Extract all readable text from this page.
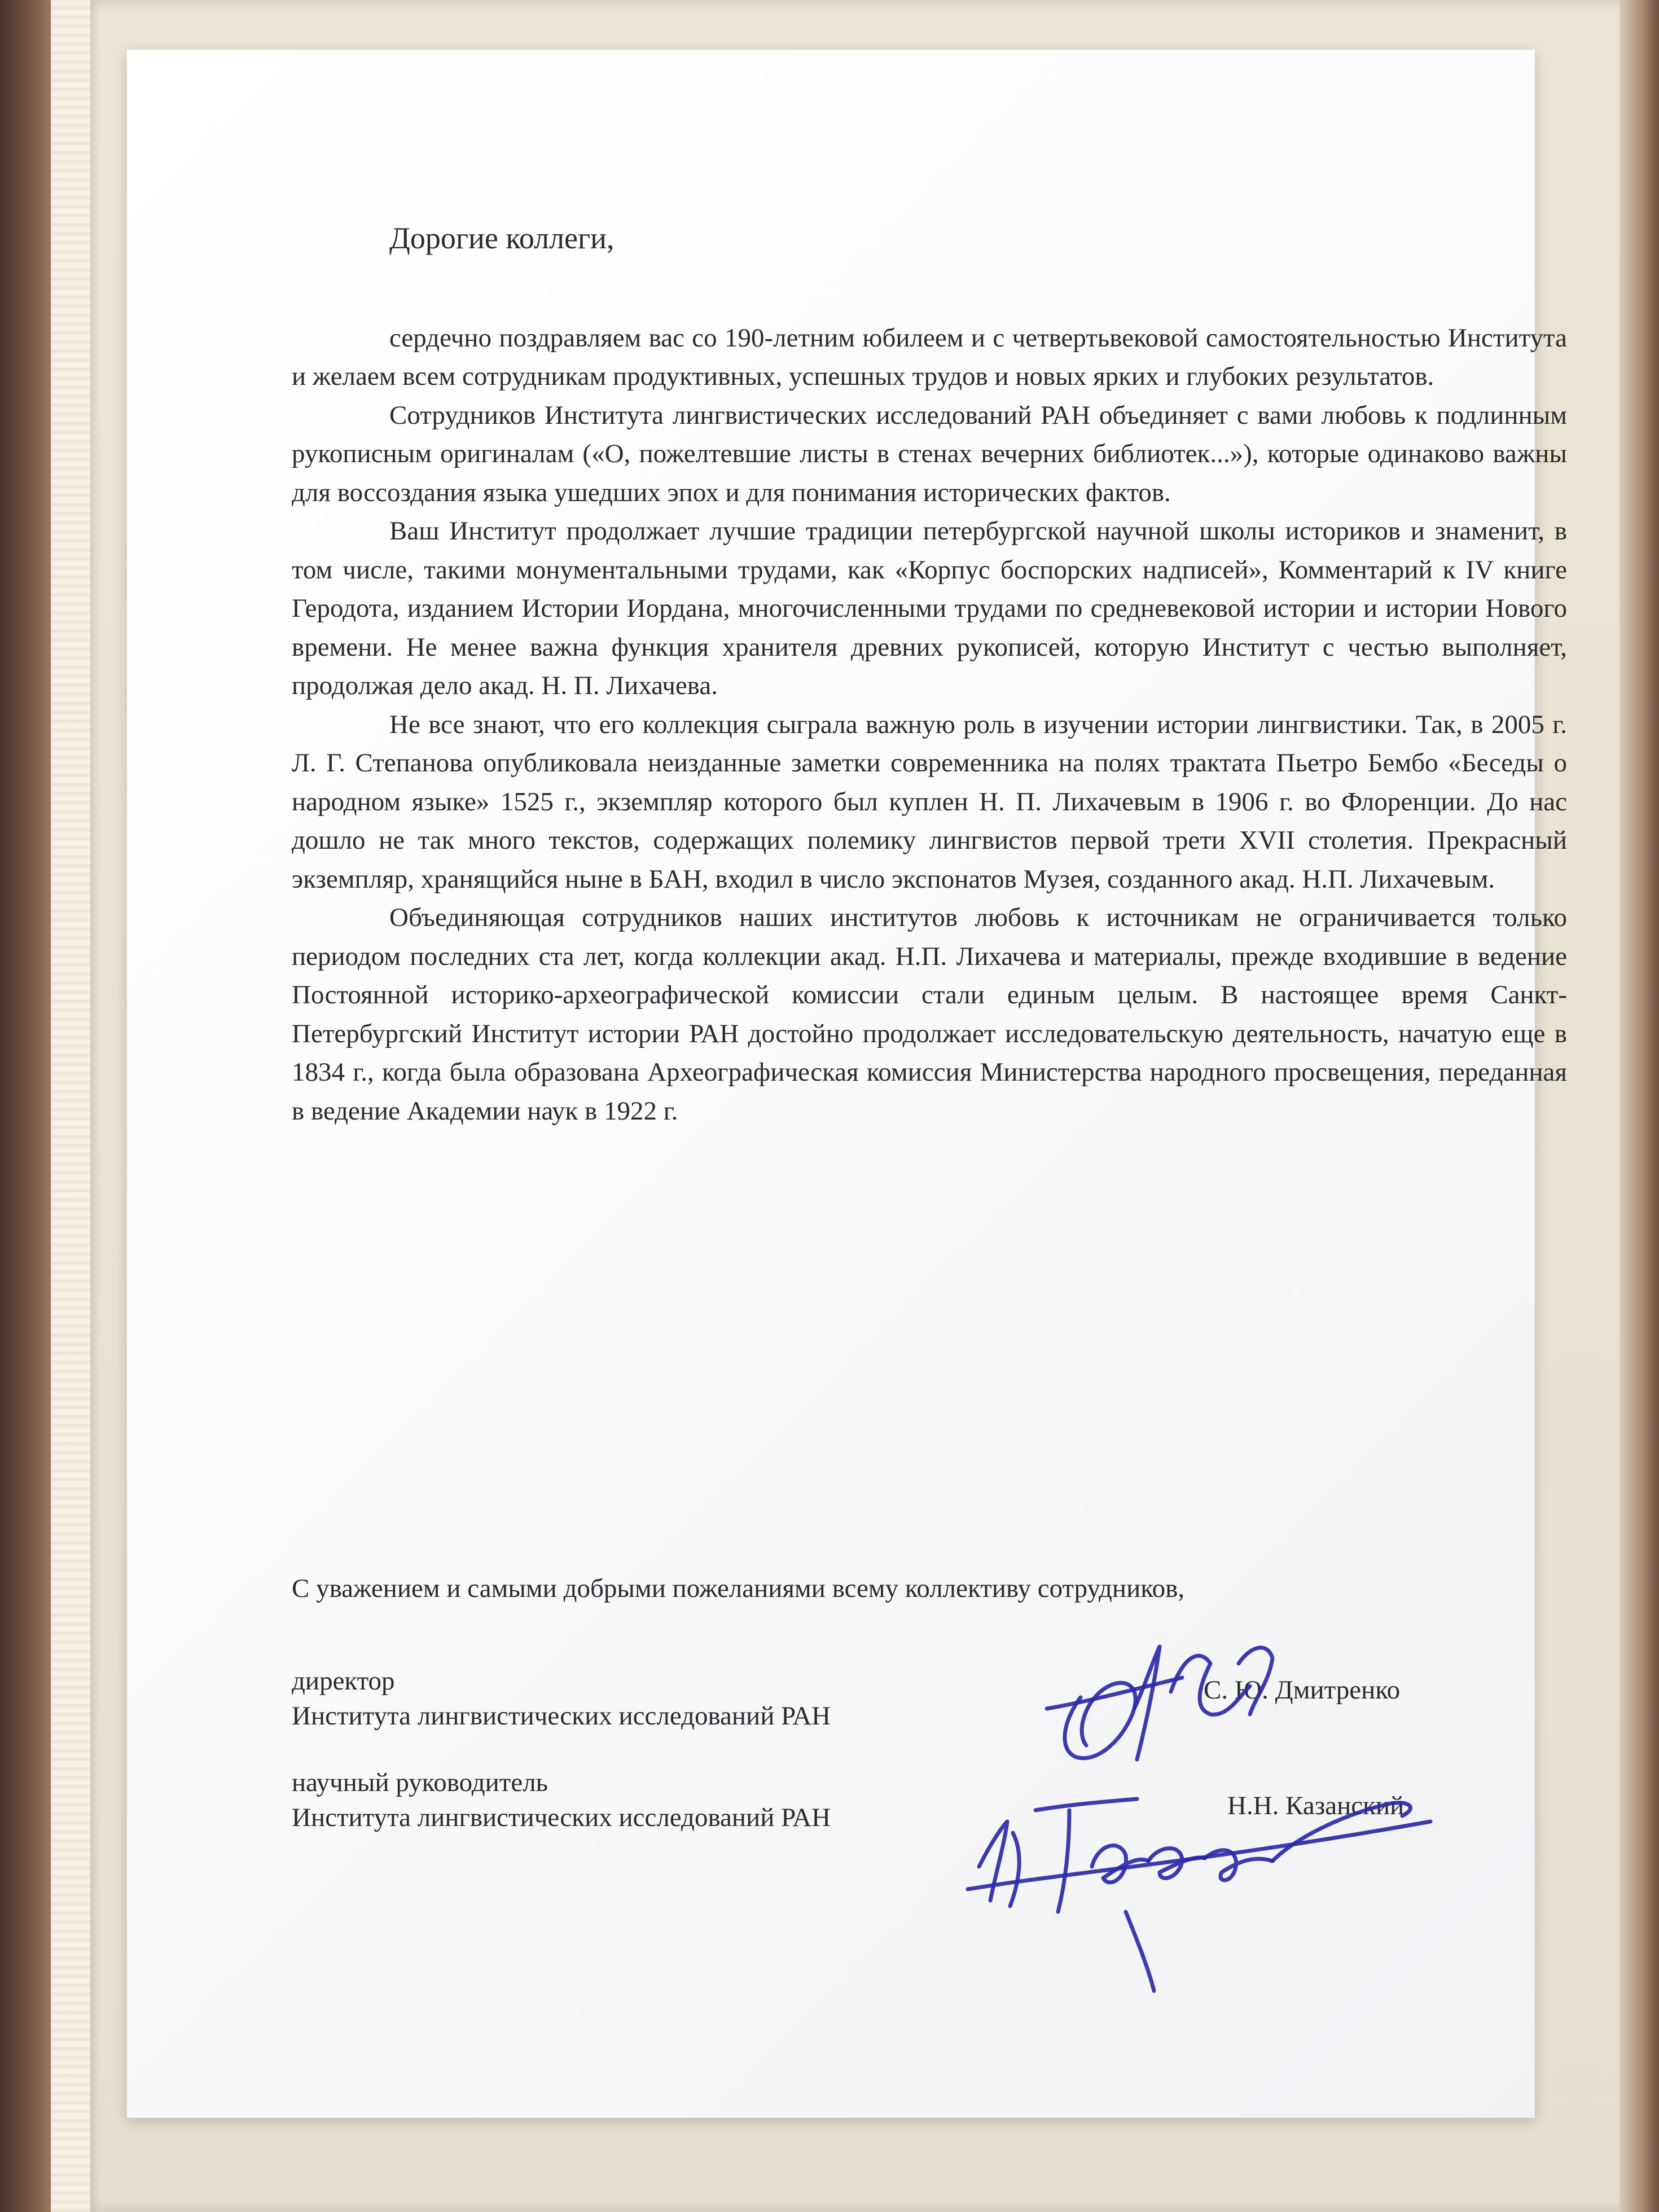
Дорогие коллеги,

сердечно поздравляем вас со 190-летним юбилеем и с четвертьвековой самостоятельностью Института и желаем всем сотрудникам продуктивных, успешных трудов и новых ярких и глубоких результатов.

Сотрудников Института лингвистических исследований РАН объединяет с вами любовь к подлинным рукописным оригиналам («О, пожелтевшие листы в стенах вечерних библиотек...»), которые одинаково важны для воссоздания языка ушедших эпох и для понимания исторических фактов.

Ваш Институт продолжает лучшие традиции петербургской научной школы историков и знаменит, в том числе, такими монументальными трудами, как «Корпус боспорских надписей», Комментарий к IV книге Геродота, изданием Истории Иордана, многочисленными трудами по средневековой истории и истории Нового времени. Не менее важна функция хранителя древних рукописей, которую Институт с честью выполняет, продолжая дело акад. Н. П. Лихачева.

Не все знают, что его коллекция сыграла важную роль в изучении истории лингвистики. Так, в 2005 г. Л. Г. Степанова опубликовала неизданные заметки современника на полях трактата Пьетро Бембо «Беседы о народном языке» 1525 г., экземпляр которого был куплен Н. П. Лихачевым в 1906 г. во Флоренции. До нас дошло не так много текстов, содержащих полемику лингвистов первой трети XVII столетия. Прекрасный экземпляр, хранящийся ныне в БАН, входил в число экспонатов Музея, созданного акад. Н.П. Лихачевым.

Объединяющая сотрудников наших институтов любовь к источникам не ограничивается только периодом последних ста лет, когда коллекции акад. Н.П. Лихачева и материалы, прежде входившие в ведение Постоянной историко-археографической комиссии стали единым целым. В настоящее время Санкт-Петербургский Институт истории РАН достойно продолжает исследовательскую деятельность, начатую еще в 1834 г., когда была образована Археографическая комиссия Министерства народного просвещения, переданная в ведение Академии наук в 1922 г.

С уважением и самыми добрыми пожеланиями всему коллективу сотрудников,

директор
Института лингвистических исследований РАН
С. Ю. Дмитренко
научный руководитель
Института лингвистических исследований РАН	Н.Н. Казанский
